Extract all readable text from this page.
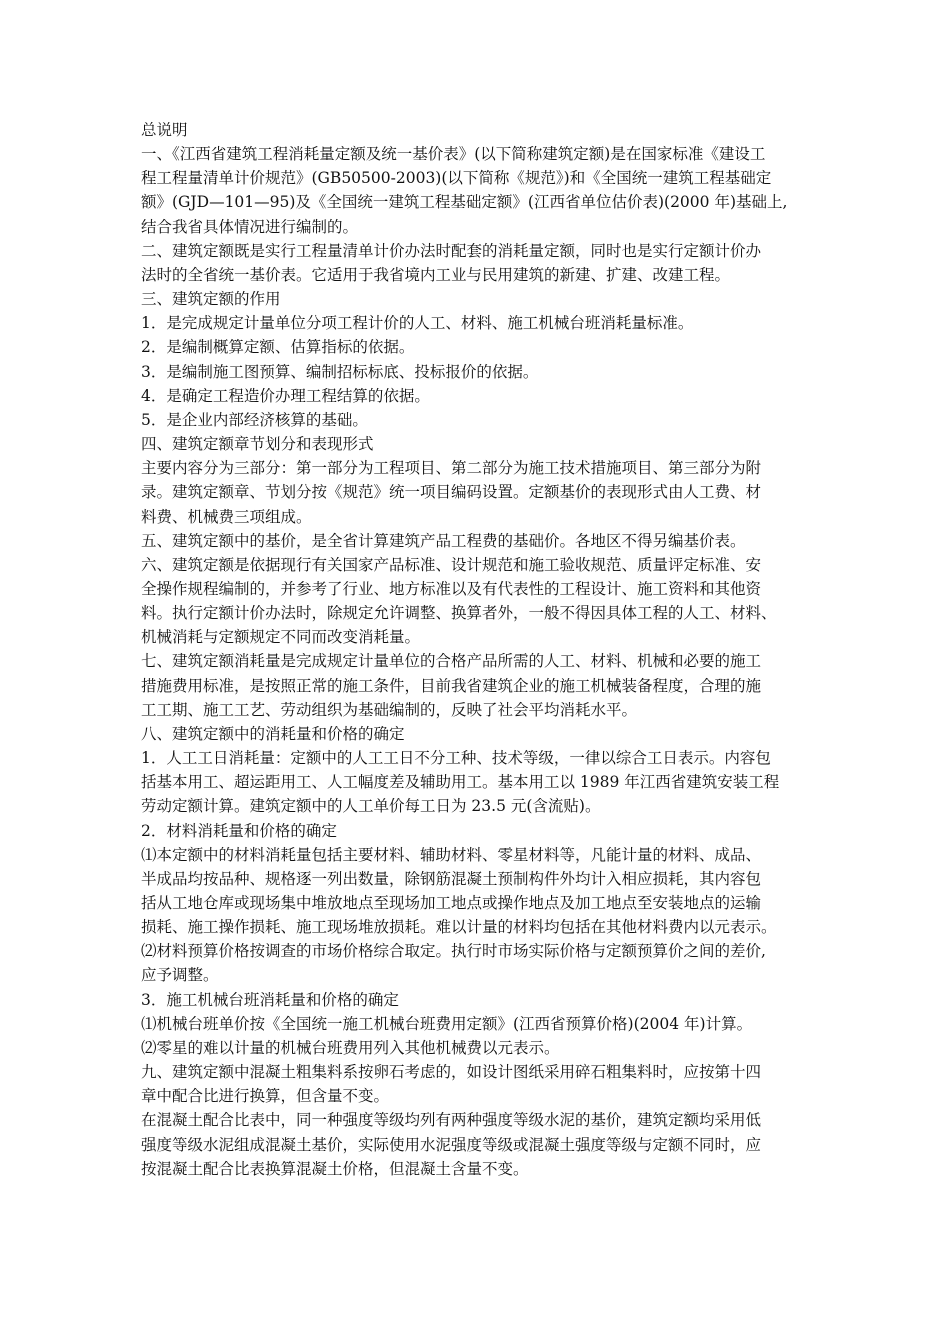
总说明
一、《江西省建筑工程消耗量定额及统一基价表》(以下简称建筑定额)是在国家标准《建设工
程工程量清单计价规范》(GB50500-2003)(以下简称《规范》)和《全国统一建筑工程基础定
额》(GJD—101—95)及《全国统一建筑工程基础定额》(江西省单位估价表)(2000 年)基础上,
结合我省具体情况进行编制的。
二、建筑定额既是实行工程量清单计价办法时配套的消耗量定额，同时也是实行定额计价办
法时的全省统一基价表。它适用于我省境内工业与民用建筑的新建、扩建、改建工程。
三、建筑定额的作用
1．是完成规定计量单位分项工程计价的人工、材料、施工机械台班消耗量标准。
2．是编制概算定额、估算指标的依据。
3．是编制施工图预算、编制招标标底、投标报价的依据。
4．是确定工程造价办理工程结算的依据。
5．是企业内部经济核算的基础。
四、建筑定额章节划分和表现形式
主要内容分为三部分：第一部分为工程项目、第二部分为施工技术措施项目、第三部分为附
录。建筑定额章、节划分按《规范》统一项目编码设置。定额基价的表现形式由人工费、材
料费、机械费三项组成。
五、建筑定额中的基价，是全省计算建筑产品工程费的基础价。各地区不得另编基价表。
六、建筑定额是依据现行有关国家产品标准、设计规范和施工验收规范、质量评定标准、安
全操作规程编制的，并参考了行业、地方标准以及有代表性的工程设计、施工资料和其他资
料。执行定额计价办法时，除规定允许调整、换算者外，一般不得因具体工程的人工、材料、
机械消耗与定额规定不同而改变消耗量。
七、建筑定额消耗量是完成规定计量单位的合格产品所需的人工、材料、机械和必要的施工
措施费用标准，是按照正常的施工条件，目前我省建筑企业的施工机械装备程度，合理的施
工工期、施工工艺、劳动组织为基础编制的，反映了社会平均消耗水平。
八、建筑定额中的消耗量和价格的确定
1．人工工日消耗量：定额中的人工工日不分工种、技术等级，一律以综合工日表示。内容包
括基本用工、超运距用工、人工幅度差及辅助用工。基本用工以 1989 年江西省建筑安装工程
劳动定额计算。建筑定额中的人工单价每工日为 23.5 元(含流贴)。
2．材料消耗量和价格的确定
⑴本定额中的材料消耗量包括主要材料、辅助材料、零星材料等，凡能计量的材料、成品、
半成品均按品种、规格逐一列出数量，除钢筋混凝土预制构件外均计入相应损耗，其内容包
括从工地仓库或现场集中堆放地点至现场加工地点或操作地点及加工地点至安装地点的运输
损耗、施工操作损耗、施工现场堆放损耗。难以计量的材料均包括在其他材料费内以元表示。
⑵材料预算价格按调查的市场价格综合取定。执行时市场实际价格与定额预算价之间的差价,
应予调整。
3．施工机械台班消耗量和价格的确定
⑴机械台班单价按《全国统一施工机械台班费用定额》(江西省预算价格)(2004 年)计算。
⑵零星的难以计量的机械台班费用列入其他机械费以元表示。
九、建筑定额中混凝土粗集料系按卵石考虑的，如设计图纸采用碎石粗集料时，应按第十四
章中配合比进行换算，但含量不变。
在混凝土配合比表中，同一种强度等级均列有两种强度等级水泥的基价，建筑定额均采用低
强度等级水泥组成混凝土基价，实际使用水泥强度等级或混凝土强度等级与定额不同时，应
按混凝土配合比表换算混凝土价格，但混凝土含量不变。
